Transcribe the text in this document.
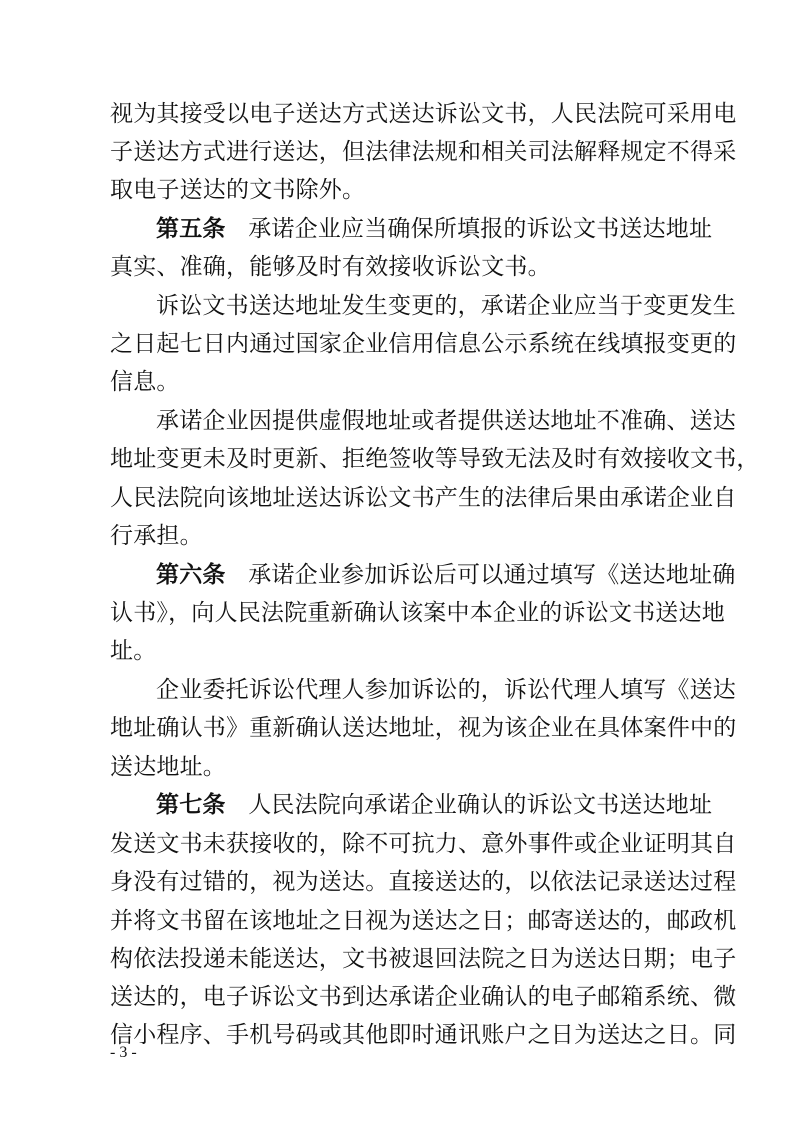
视为其接受以电子送达方式送达诉讼文书，人民法院可采用电
子送达方式进行送达，但法律法规和相关司法解释规定不得采
取电子送达的文书除外。
第五条 　承诺企业应当确保所填报的诉讼文书送达地址
真实、准确，能够及时有效接收诉讼文书。
诉讼文书送达地址发生变更的，承诺企业应当于变更发生
之日起七日内通过国家企业信用信息公示系统在线填报变更的
信息。
承诺企业因提供虚假地址或者提供送达地址不准确、送达
地址变更未及时更新、拒绝签收等导致无法及时有效接收文书，
人民法院向该地址送达诉讼文书产生的法律后果由承诺企业自
行承担。
第六条 　承诺企业参加诉讼后可以通过填写《送达地址确
认书》，向人民法院重新确认该案中本企业的诉讼文书送达地
址。
企业委托诉讼代理人参加诉讼的，诉讼代理人填写《送达
地址确认书》重新确认送达地址，视为该企业在具体案件中的
送达地址。
第七条 　人民法院向承诺企业确认的诉讼文书送达地址
发送文书未获接收的，除不可抗力、意外事件或企业证明其自
身没有过错的，视为送达。直接送达的，以依法记录送达过程
并将文书留在该地址之日视为送达之日；邮寄送达的，邮政机
构依法投递未能送达，文书被退回法院之日为送达日期；电子
送达的，电子诉讼文书到达承诺企业确认的电子邮箱系统、微
信小程序、手机号码或其他即时通讯账户之日为送达之日。同
- 3 -
